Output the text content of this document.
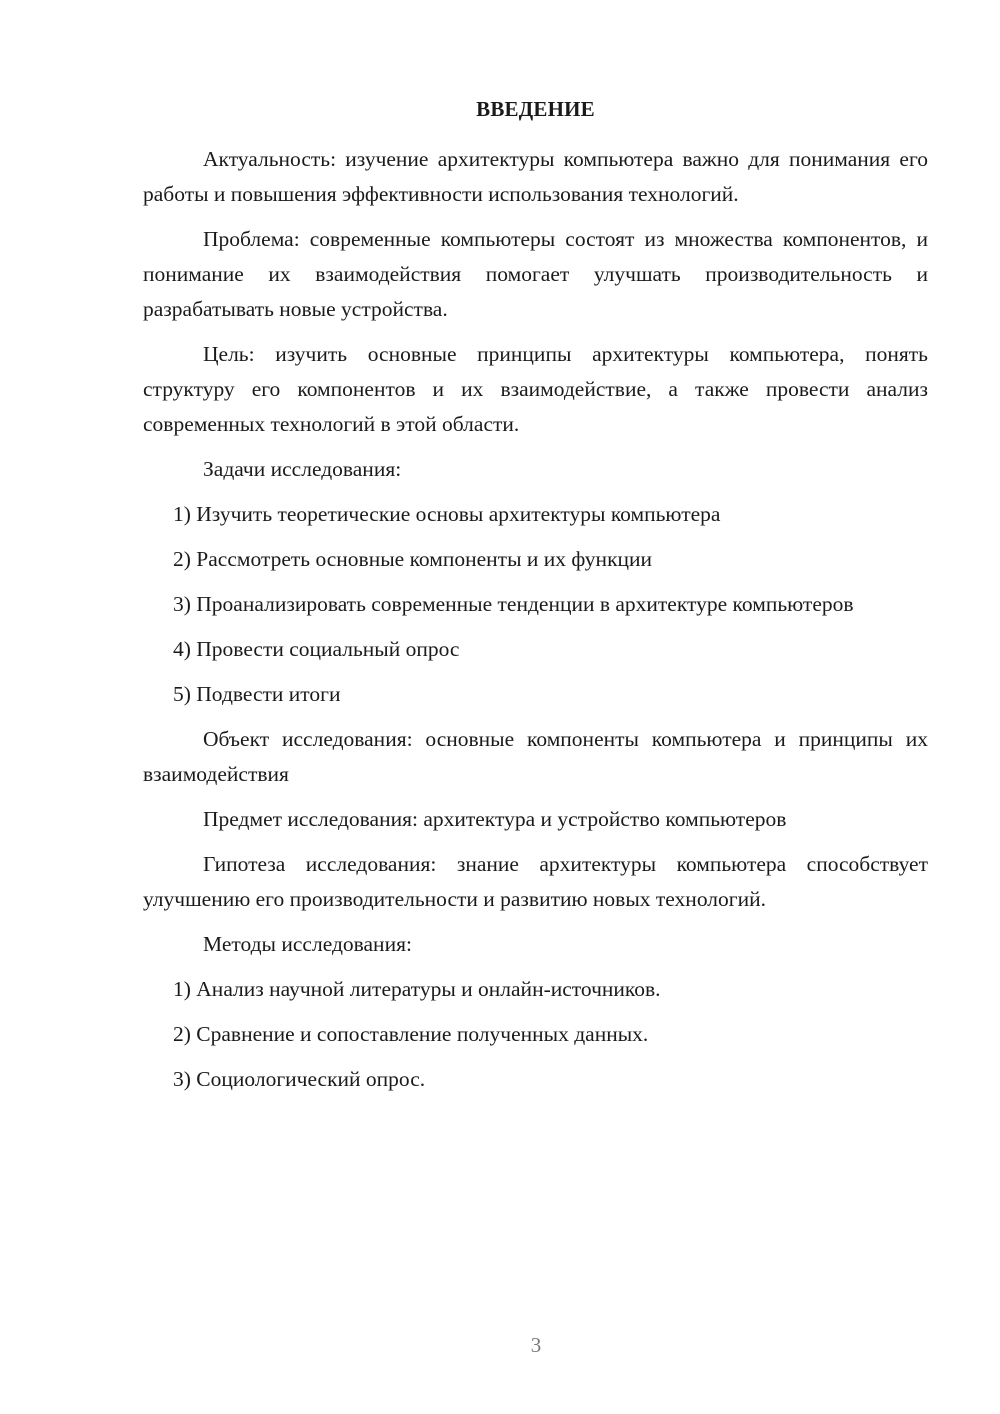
ВВЕДЕНИЕ

Актуальность: изучение архитектуры компьютера важно для понимания его работы и повышения эффективности использования технологий.

Проблема: современные компьютеры состоят из множества компонентов, и понимание их взаимодействия помогает улучшать производительность и разрабатывать новые устройства.

Цель: изучить основные принципы архитектуры компьютера, понять структуру его компонентов и их взаимодействие, а также провести анализ современных технологий в этой области.

Задачи исследования:

1) Изучить теоретические основы архитектуры компьютера

2) Рассмотреть основные компоненты и их функции

3) Проанализировать современные тенденции в архитектуре компьютеров

4) Провести социальный опрос

5) Подвести итоги

Объект исследования: основные компоненты компьютера и принципы их взаимодействия

Предмет исследования: архитектура и устройство компьютеров

Гипотеза исследования: знание архитектуры компьютера способствует улучшению его производительности и развитию новых технологий.

Методы исследования:

1) Анализ научной литературы и онлайн-источников.

2) Сравнение и сопоставление полученных данных.

3) Социологический опрос.

3
